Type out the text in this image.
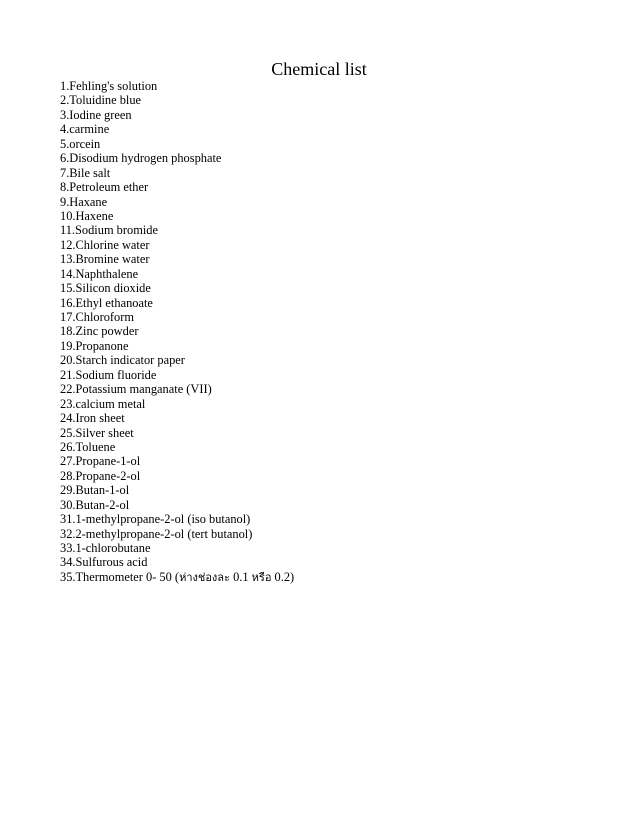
Chemical list
1.Fehling's solution
2.Toluidine blue
3.Iodine green
4.carmine
5.orcein
6.Disodium hydrogen phosphate
7.Bile salt
8.Petroleum ether
9.Haxane
10.Haxene
11.Sodium bromide
12.Chlorine water
13.Bromine water
14.Naphthalene
15.Silicon dioxide
16.Ethyl ethanoate
17.Chloroform
18.Zinc powder
19.Propanone
20.Starch indicator paper
21.Sodium fluoride
22.Potassium manganate (VII)
23.calcium metal
24.Iron sheet
25.Silver sheet
26.Toluene
27.Propane-1-ol
28.Propane-2-ol
29.Butan-1-ol
30.Butan-2-ol
31.1-methylpropane-2-ol (iso butanol)
32.2-methylpropane-2-ol (tert butanol)
33.1-chlorobutane
34.Sulfurous acid
35.Thermometer 0- 50 (ห่างช่องละ 0.1 หรือ 0.2)
